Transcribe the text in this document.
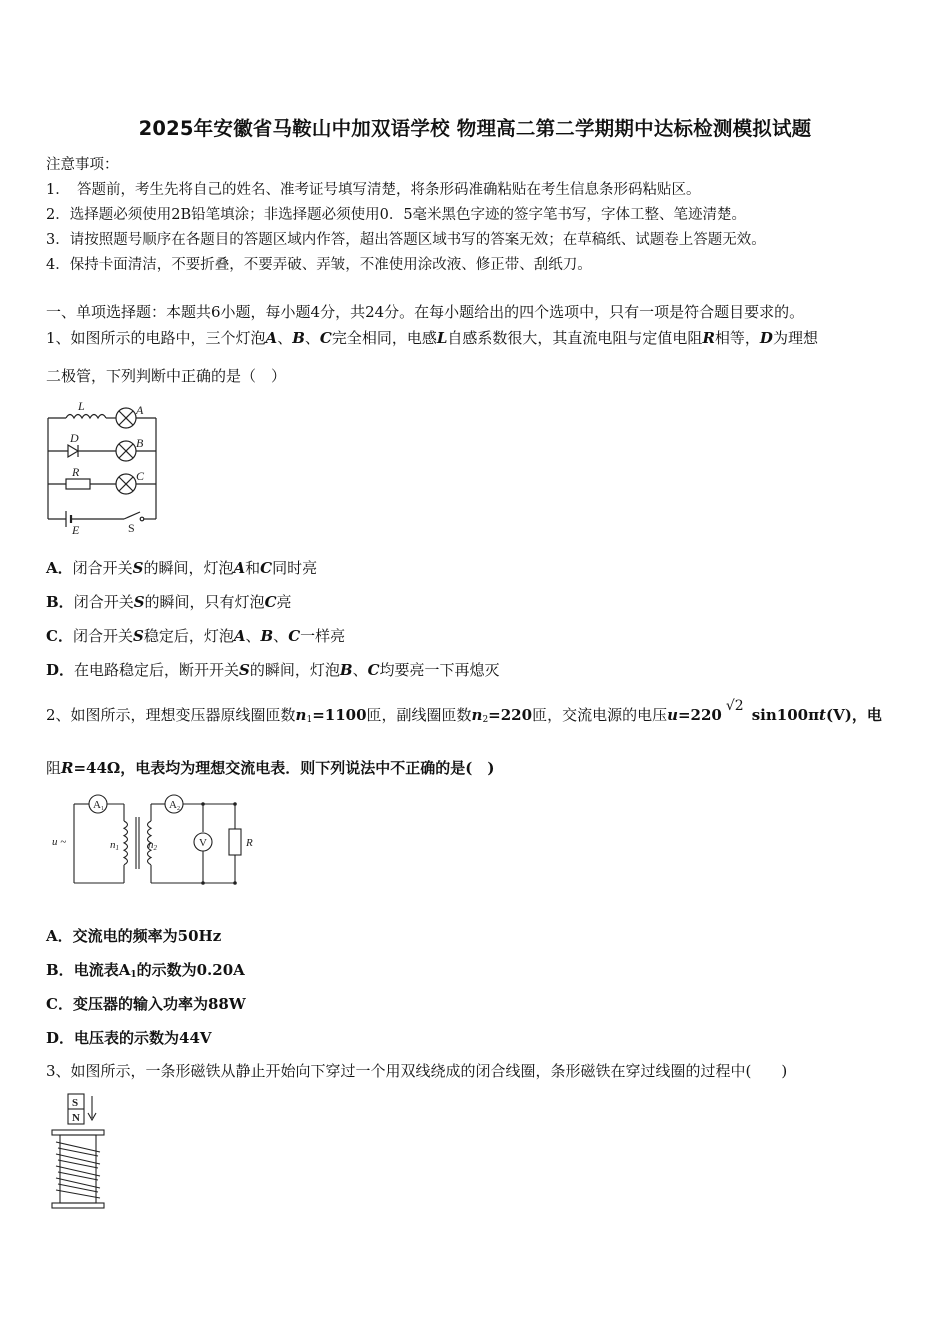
2025年安徽省马鞍山中加双语学校 物理高二第二学期期中达标检测模拟试题
注意事项：
1．　答题前，考生先将自己的姓名、准考证号填写清楚，将条形码准确粘贴在考生信息条形码粘贴区。
2．选择题必须使用2B铅笔填涂；非选择题必须使用0．5毫米黑色字迹的签字笔书写，字体工整、笔迹清楚。
3．请按照题号顺序在各题目的答题区域内作答，超出答题区域书写的答案无效；在草稿纸、试题卷上答题无效。
4．保持卡面清洁，不要折叠，不要弄破、弄皱，不准使用涂改液、修正带、刮纸刀。
一、单项选择题：本题共6小题，每小题4分，共24分。在每小题给出的四个选项中，只有一项是符合题目要求的。
1、如图所示的电路中，三个灯泡A、B、C完全相同，电感L自感系数很大，其直流电阻与定值电阻R相等，D为理想
二极管，下列判断中正确的是（　）
L	A
D	B
R	C
E	S
A．闭合开关S的瞬间，灯泡A和C同时亮
B．闭合开关S的瞬间，只有灯泡C亮
C．闭合开关S稳定后，灯泡A、B、C一样亮
D．在电路稳定后，断开开关S的瞬间，灯泡B、C均要亮一下再熄灭
2、如图所示，理想变压器原线圈匝数$n_1=1100$匝，副线圈匝数$n_2=220$匝，交流电源的电压u=220 √2 sin100πt(V)，电
阻R=44Ω，电表均为理想交流电表．则下列说法中不正确的是(　)
A1	A2
V
u ~	n1	n2	R
A．交流电的频率为50Hz
B．电流表$A_1$的示数为0.20A
C．变压器的输入功率为88W
D．电压表的示数为44V
3、如图所示，一条形磁铁从静止开始向下穿过一个用双线绕成的闭合线圈，条形磁铁在穿过线圈的过程中(　　)
S
N
